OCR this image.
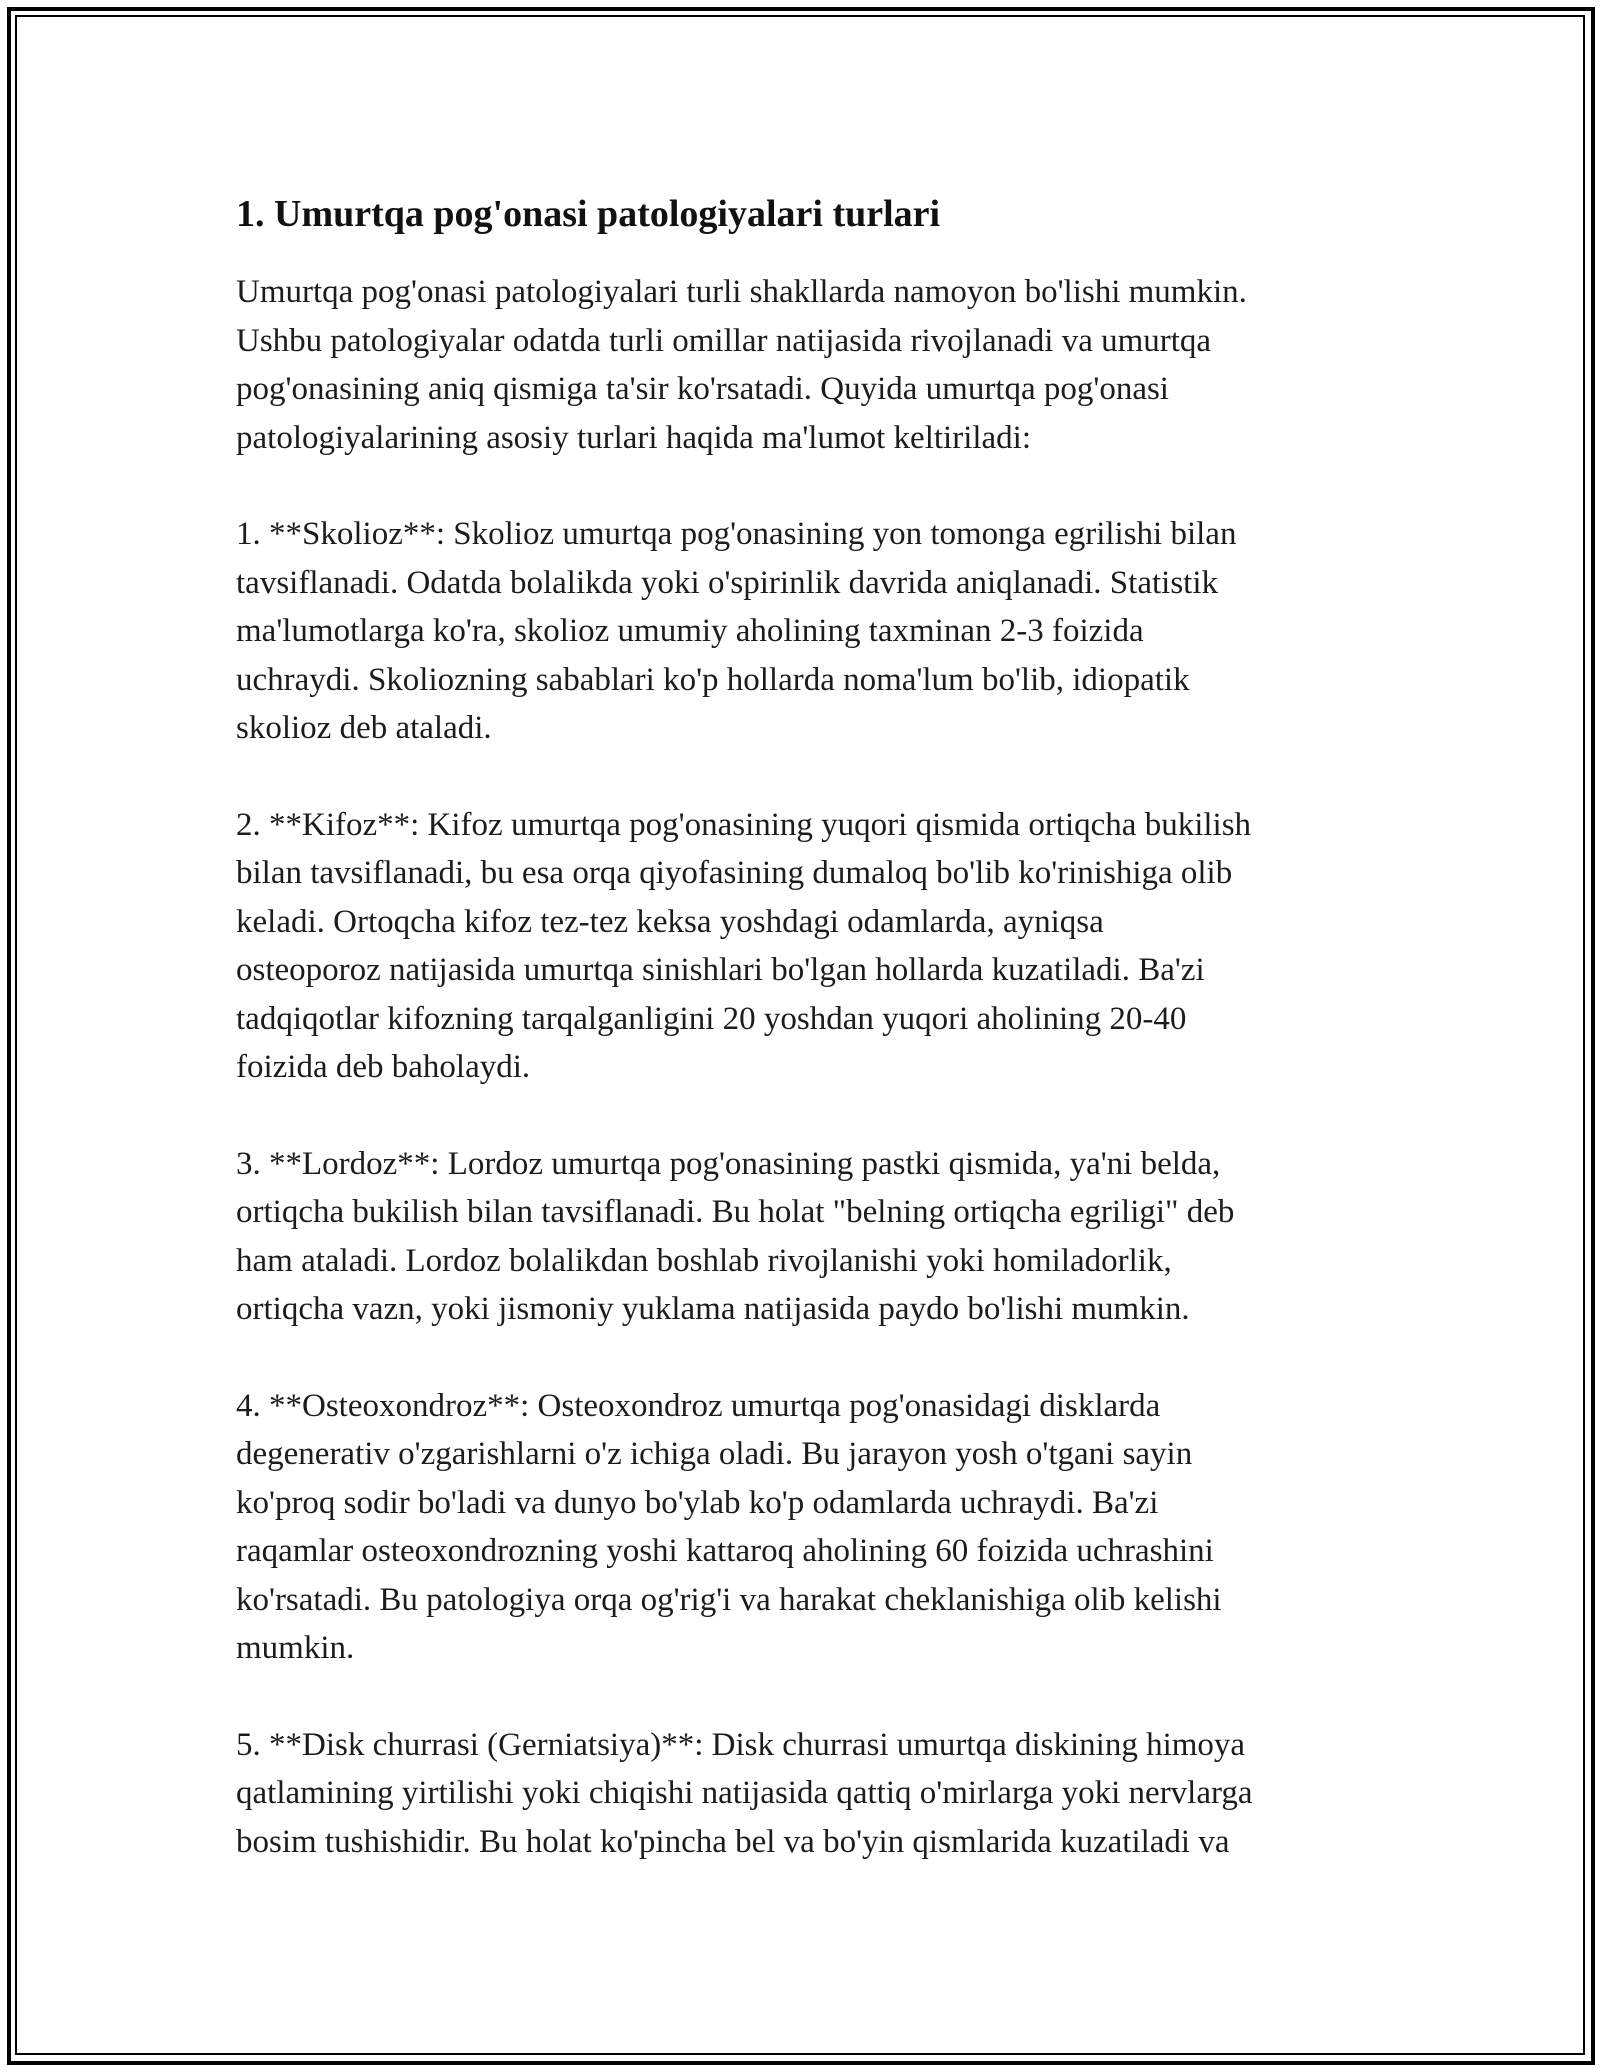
1. Umurtqa pog'onasi patologiyalari turlari

Umurtqa pog'onasi patologiyalari turli shakllarda namoyon bo'lishi mumkin.
Ushbu patologiyalar odatda turli omillar natijasida rivojlanadi va umurtqa
pog'onasining aniq qismiga ta'sir ko'rsatadi. Quyida umurtqa pog'onasi
patologiyalarining asosiy turlari haqida ma'lumot keltiriladi:

1. **Skolioz**: Skolioz umurtqa pog'onasining yon tomonga egrilishi bilan
tavsiflanadi. Odatda bolalikda yoki o'spirinlik davrida aniqlanadi. Statistik
ma'lumotlarga ko'ra, skolioz umumiy aholining taxminan 2-3 foizida
uchraydi. Skoliozning sabablari ko'p hollarda noma'lum bo'lib, idiopatik
skolioz deb ataladi.

2. **Kifoz**: Kifoz umurtqa pog'onasining yuqori qismida ortiqcha bukilish
bilan tavsiflanadi, bu esa orqa qiyofasining dumaloq bo'lib ko'rinishiga olib
keladi. Ortoqcha kifoz tez-tez keksa yoshdagi odamlarda, ayniqsa
osteoporoz natijasida umurtqa sinishlari bo'lgan hollarda kuzatiladi. Ba'zi
tadqiqotlar kifozning tarqalganligini 20 yoshdan yuqori aholining 20-40
foizida deb baholaydi.

3. **Lordoz**: Lordoz umurtqa pog'onasining pastki qismida, ya'ni belda,
ortiqcha bukilish bilan tavsiflanadi. Bu holat "belning ortiqcha egriligi" deb
ham ataladi. Lordoz bolalikdan boshlab rivojlanishi yoki homiladorlik,
ortiqcha vazn, yoki jismoniy yuklama natijasida paydo bo'lishi mumkin.

4. **Osteoxondroz**: Osteoxondroz umurtqa pog'onasidagi disklarda
degenerativ o'zgarishlarni o'z ichiga oladi. Bu jarayon yosh o'tgani sayin
ko'proq sodir bo'ladi va dunyo bo'ylab ko'p odamlarda uchraydi. Ba'zi
raqamlar osteoxondrozning yoshi kattaroq aholining 60 foizida uchrashini
ko'rsatadi. Bu patologiya orqa og'rig'i va harakat cheklanishiga olib kelishi
mumkin.

5. **Disk churrasi (Gerniatsiya)**: Disk churrasi umurtqa diskining himoya
qatlamining yirtilishi yoki chiqishi natijasida qattiq o'mirlarga yoki nervlarga
bosim tushishidir. Bu holat ko'pincha bel va bo'yin qismlarida kuzatiladi va
